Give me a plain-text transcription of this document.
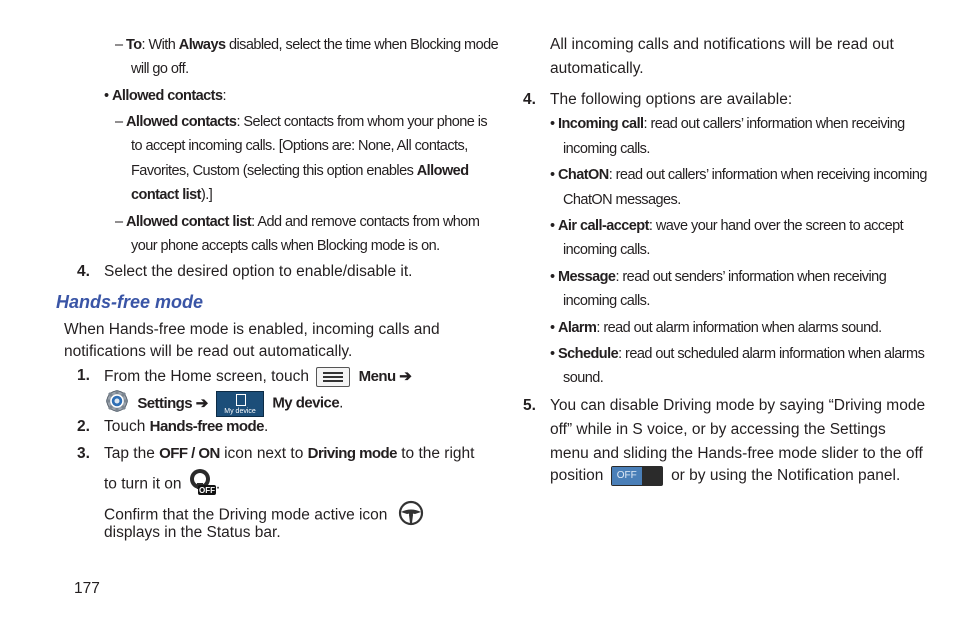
– To: With Always disabled, select the time when Blocking mode
will go off.
• Allowed contacts:
– Allowed contacts: Select contacts from whom your phone is
to accept incoming calls. [Options are: None, All contacts,
Favorites, Custom (selecting this option enables Allowed
contact list).]
– Allowed contact list: Add and remove contacts from whom
your phone accepts calls when Blocking mode is on.
4. Select the desired option to enable/disable it.
Hands-free mode
When Hands-free mode is enabled, incoming calls and
notifications will be read out automatically.
1. From the Home screen, touch	Menu ➔
Settings ➔	My device	My device.
2. Touch Hands-free mode.
3. Tap the OFF / ON icon next to Driving mode to the right
to turn it on OFF .
Confirm that the Driving mode active icon
displays in the Status bar.
177
All incoming calls and notifications will be read out
automatically.
4. The following options are available:
• Incoming call: read out callers’ information when receiving
incoming calls.
• ChatON: read out callers’ information when receiving incoming
ChatON messages.
• Air call-accept: wave your hand over the screen to accept
incoming calls.
• Message: read out senders’ information when receiving
incoming calls.
• Alarm: read out alarm information when alarms sound.
• Schedule: read out scheduled alarm information when alarms
sound.
5. You can disable Driving mode by saying “Driving mode
off” while in S voice, or by accessing the Settings
menu and sliding the Hands-free mode slider to the off
position	OFF	or by using the Notification panel.
